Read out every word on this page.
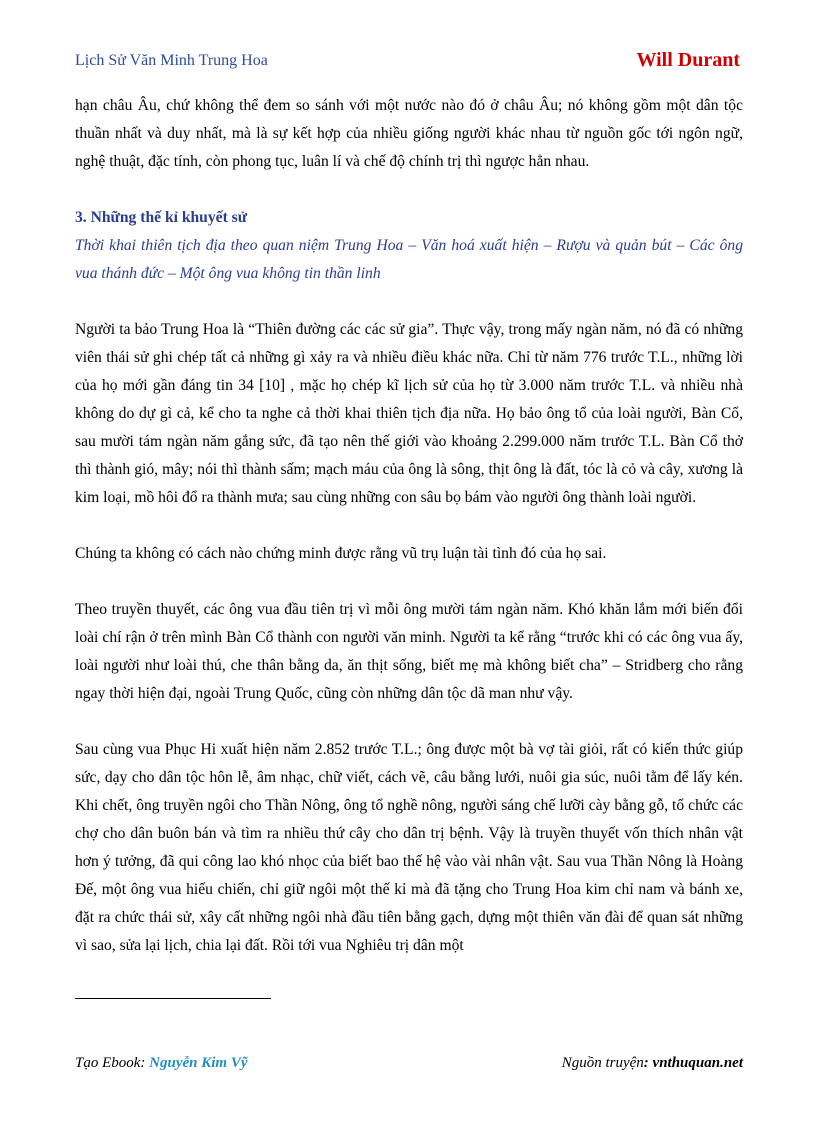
Lịch Sử Văn Minh Trung Hoa	Will Durant

hạn châu Âu, chứ không thể đem so sánh với một nước nào đó ở châu Âu; nó không gồm một dân tộc thuần nhất và duy nhất, mà là sự kết hợp của nhiều giống người khác nhau từ nguồn gốc tới ngôn ngữ, nghệ thuật, đặc tính, còn phong tục, luân lí và chế độ chính trị thì ngược hẳn nhau.

3. Những thế kỉ khuyết sử

Thời khai thiên tịch địa theo quan niệm Trung Hoa – Văn hoá xuất hiện – Rượu và quản bút – Các ông vua thánh đức – Một ông vua không tin thần linh

Người ta bảo Trung Hoa là “Thiên đường các các sử gia”. Thực vậy, trong mấy ngàn năm, nó đã có những viên thái sử ghi chép tất cả những gì xảy ra và nhiều điều khác nữa. Chỉ từ năm 776 trước T.L., những lời của họ mới gần đáng tin 34 [10] , mặc họ chép kĩ lịch sử của họ từ 3.000 năm trước T.L. và nhiều nhà không do dự gì cả, kể cho ta nghe cả thời khai thiên tịch địa nữa. Họ bảo ông tổ của loài người, Bàn Cổ, sau mười tám ngàn năm gắng sức, đã tạo nên thế giới vào khoảng 2.299.000 năm trước T.L. Bàn Cổ thở thì thành gió, mây; nói thì thành sấm; mạch máu của ông là sông, thịt ông là đất, tóc là cỏ và cây, xương là kim loại, mồ hôi đổ ra thành mưa; sau cùng những con sâu bọ bám vào người ông thành loài người.

Chúng ta không có cách nào chứng minh được rằng vũ trụ luận tài tình đó của họ sai.

Theo truyền thuyết, các ông vua đầu tiên trị vì mỗi ông mười tám ngàn năm. Khó khăn lắm mới biến đổi loài chí rận ở trên mình Bàn Cổ thành con người văn minh. Người ta kể rằng “trước khi có các ông vua ấy, loài người như loài thú, che thân bằng da, ăn thịt sống, biết mẹ mà không biết cha” – Stridberg cho rằng ngay thời hiện đại, ngoài Trung Quốc, cũng còn những dân tộc dã man như vậy.

Sau cùng vua Phục Hi xuất hiện năm 2.852 trước T.L.; ông được một bà vợ tài giỏi, rất có kiến thức giúp sức, dạy cho dân tộc hôn lễ, âm nhạc, chữ viết, cách vẽ, câu bằng lưới, nuôi gia súc, nuôi tằm để lấy kén. Khi chết, ông truyền ngôi cho Thần Nông, ông tổ nghề nông, người sáng chế lưỡi cày bằng gỗ, tổ chức các chợ cho dân buôn bán và tìm ra nhiều thứ cây cho dân trị bệnh. Vậy là truyền thuyết vốn thích nhân vật hơn ý tưởng, đã qui công lao khó nhọc của biết bao thế hệ vào vài nhân vật. Sau vua Thần Nông là Hoàng Đế, một ông vua hiếu chiến, chỉ giữ ngôi một thế kỉ mà đã tặng cho Trung Hoa kim chỉ nam và bánh xe, đặt ra chức thái sử, xây cất những ngôi nhà đầu tiên bằng gạch, dựng một thiên văn đài để quan sát những vì sao, sửa lại lịch, chia lại đất. Rồi tới vua Nghiêu trị dân một

Tạo Ebook: Nguyễn Kim Vỹ	Nguồn truyện: vnthuquan.net
